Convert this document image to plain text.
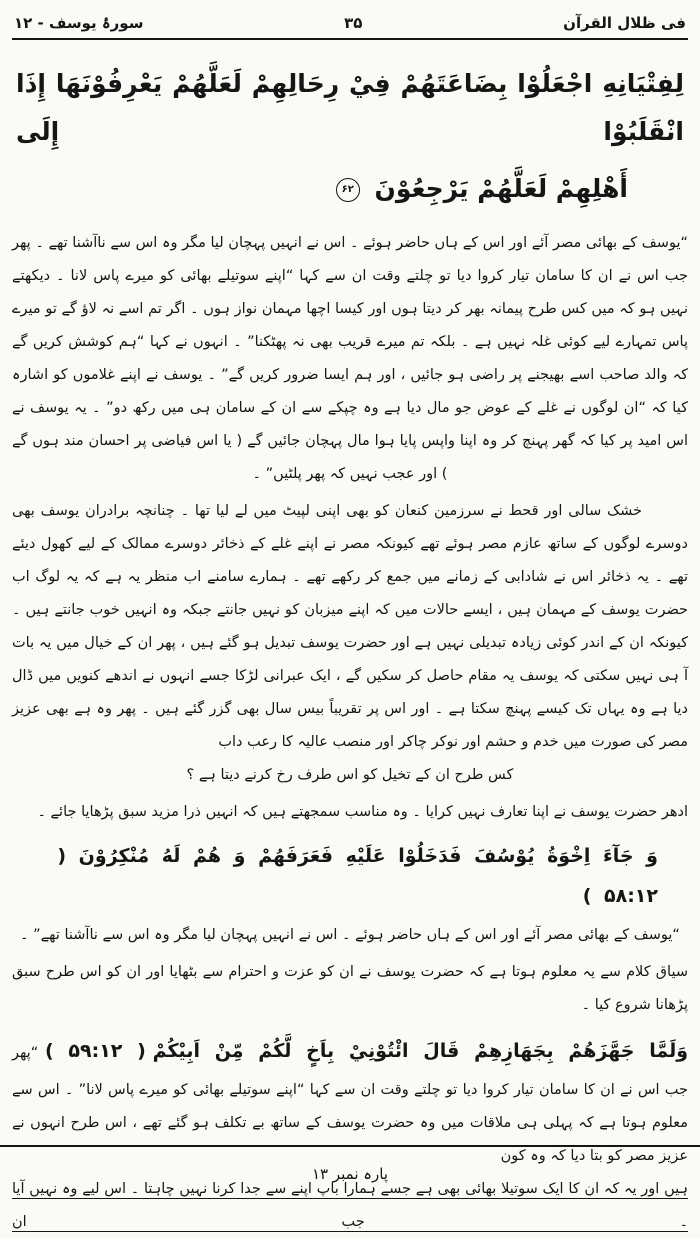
فی ظلال القرآن
۳۵
سورۂ یوسف - ۱۲
لِفِتْيَانِهِ اجْعَلُوْا بِضَاعَتَهُمْ فِيْ رِحَالِهِمْ لَعَلَّهُمْ يَعْرِفُوْنَهَا إِذَا انْقَلَبُوْا إِلَى
أَهْلِهِمْ لَعَلَّهُمْ يَرْجِعُوْنَ ۶۲

“یوسف کے بھائی مصر آئے اور اس کے ہاں حاضر ہوئے ۔ اس نے انہیں پہچان لیا مگر وہ اس سے ناآشنا تھے ۔ پھر جب اس نے ان کا سامان تیار کروا دیا تو چلتے وقت ان سے کہا “اپنے سوتیلے بھائی کو میرے پاس لانا ۔ دیکھتے نہیں ہو کہ میں کس طرح پیمانہ بھر کر دیتا ہوں اور کیسا اچھا مہمان نواز ہوں ۔ اگر تم اسے نہ لاؤ گے تو میرے پاس تمہارے لیے کوئی غلہ نہیں ہے ۔ بلکہ تم میرے قریب بھی نہ پھٹکنا” ۔ انہوں نے کہا “ہم کوشش کریں گے کہ والد صاحب اسے بھیجنے پر راضی ہو جائیں ، اور ہم ایسا ضرور کریں گے” ۔ یوسف نے اپنے غلاموں کو اشارہ کیا کہ “ان لوگوں نے غلے کے عوض جو مال دیا ہے وہ چپکے سے ان کے سامان ہی میں رکھ دو” ۔ یہ یوسف نے اس امید پر کیا کہ گھر پہنچ کر وہ اپنا واپس پایا ہوا مال پہچان جائیں گے ( یا اس فیاضی پر احسان مند ہوں گے ) اور عجب نہیں کہ پھر پلٹیں” ۔

خشک سالی اور قحط نے سرزمین کنعان کو بھی اپنی لپیٹ میں لے لیا تھا ۔ چنانچہ برادران یوسف بھی دوسرے لوگوں کے ساتھ عازم مصر ہوئے تھے کیونکہ مصر نے اپنے غلے کے ذخائر دوسرے ممالک کے لیے کھول دیئے تھے ۔ یہ ذخائر اس نے شادابی کے زمانے میں جمع کر رکھے تھے ۔ ہمارے سامنے اب منظر یہ ہے کہ یہ لوگ اب حضرت یوسف کے مہمان ہیں ، ایسے حالات میں کہ اپنے میزبان کو نہیں جانتے جبکہ وہ انہیں خوب جانتے ہیں ۔ کیونکہ ان کے اندر کوئی زیادہ تبدیلی نہیں ہے اور حضرت یوسف تبدیل ہو گئے ہیں ، پھر ان کے خیال میں یہ بات آ ہی نہیں سکتی کہ یوسف یہ مقام حاصل کر سکیں گے ، ایک عبرانی لڑکا جسے انہوں نے اندھے کنویں میں ڈال دیا ہے وہ یہاں تک کیسے پہنچ سکتا ہے ۔ اور اس پر تقریباً بیس سال بھی گزر گئے ہیں ۔ پھر وہ ہے بھی عزیز مصر کی صورت میں خدم و حشم اور نوکر چاکر اور منصب عالیہ کا رعب داب

کس طرح ان کے تخیل کو اس طرف رخ کرنے دیتا ہے ؟

ادھر حضرت یوسف نے اپنا تعارف نہیں کرایا ۔ وہ مناسب سمجھتے ہیں کہ انہیں ذرا مزید سبق پڑھایا جائے ۔

وَ جَآءَ اِخْوَةُ يُوْسُفَ فَدَخَلُوْا عَلَيْهِ فَعَرَفَهُمْ وَ هُمْ لَهُ مُنْكِرُوْنَ ( ۵۸:۱۲ )

“یوسف کے بھائی مصر آئے اور اس کے ہاں حاضر ہوئے ۔ اس نے انہیں پہچان لیا مگر وہ اس سے ناآشنا تھے” ۔

سیاق کلام سے یہ معلوم ہوتا ہے کہ حضرت یوسف نے ان کو عزت و احترام سے بٹھایا اور ان کو اس طرح سبق پڑھانا شروع کیا ۔

وَلَمَّا جَهَّزَهُمْ بِجَهَازِهِمْ قَالَ ائْتُوْنِيْ بِاَخٍ لَّكُمْ مِّنْ اَبِيْكُمْ ( ۵۹:۱۲ ) “پھر جب اس نے ان کا سامان تیار کروا دیا تو چلتے وقت ان سے کہا “اپنے سوتیلے بھائی کو میرے پاس لانا” ۔ اس سے معلوم ہوتا ہے کہ پہلی ہی ملاقات میں وہ حضرت یوسف کے ساتھ بے تکلف ہو گئے تھے ، اس طرح انہوں نے عزیز مصر کو بتا دیا کہ وہ کون

ہیں اور یہ کہ ان کا ایک سوتیلا بھائی بھی ہے جسے ہمارا باپ اپنے سے جدا کرنا نہیں چاہتا ۔ اس لیے وہ نہیں آیا ۔ جب ان

پارہ نمبر ۱۳
